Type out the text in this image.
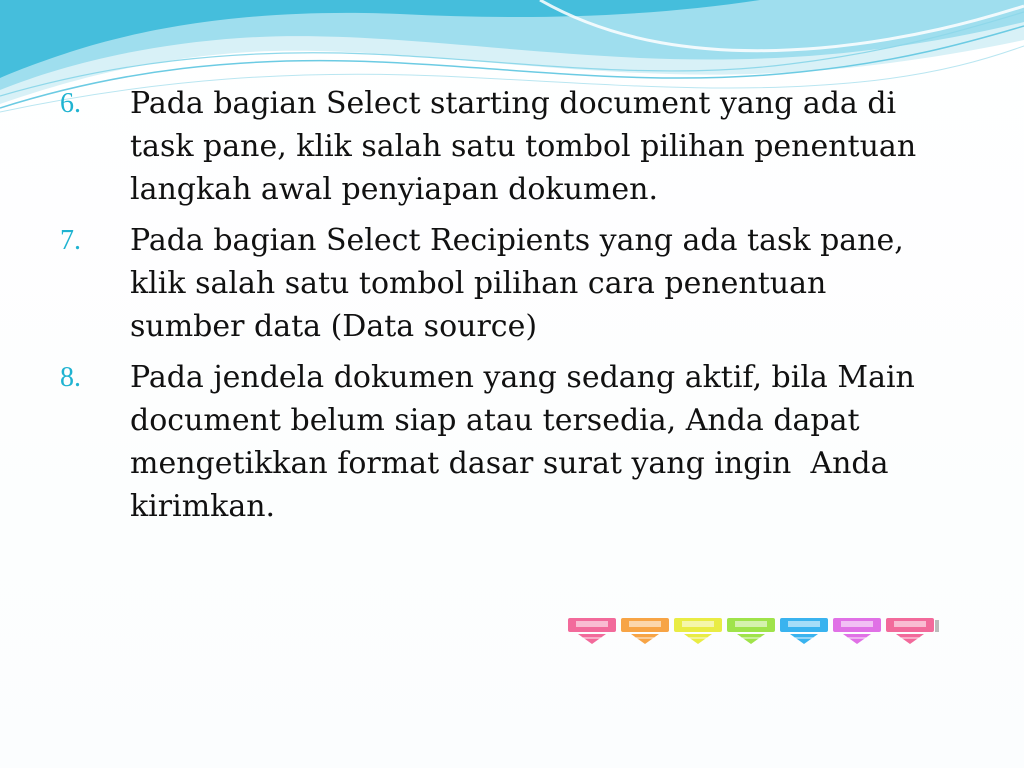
6.	Pada bagian Select starting document yang ada di task pane, klik salah satu tombol pilihan penentuan langkah awal penyiapan dokumen.
7.	Pada bagian Select Recipients yang ada task pane, klik salah satu tombol pilihan cara penentuan sumber data (Data source)
8.	Pada jendela dokumen yang sedang aktif, bila Main document belum siap atau tersedia, Anda dapat mengetikkan format dasar surat yang ingin  Anda kirimkan.
